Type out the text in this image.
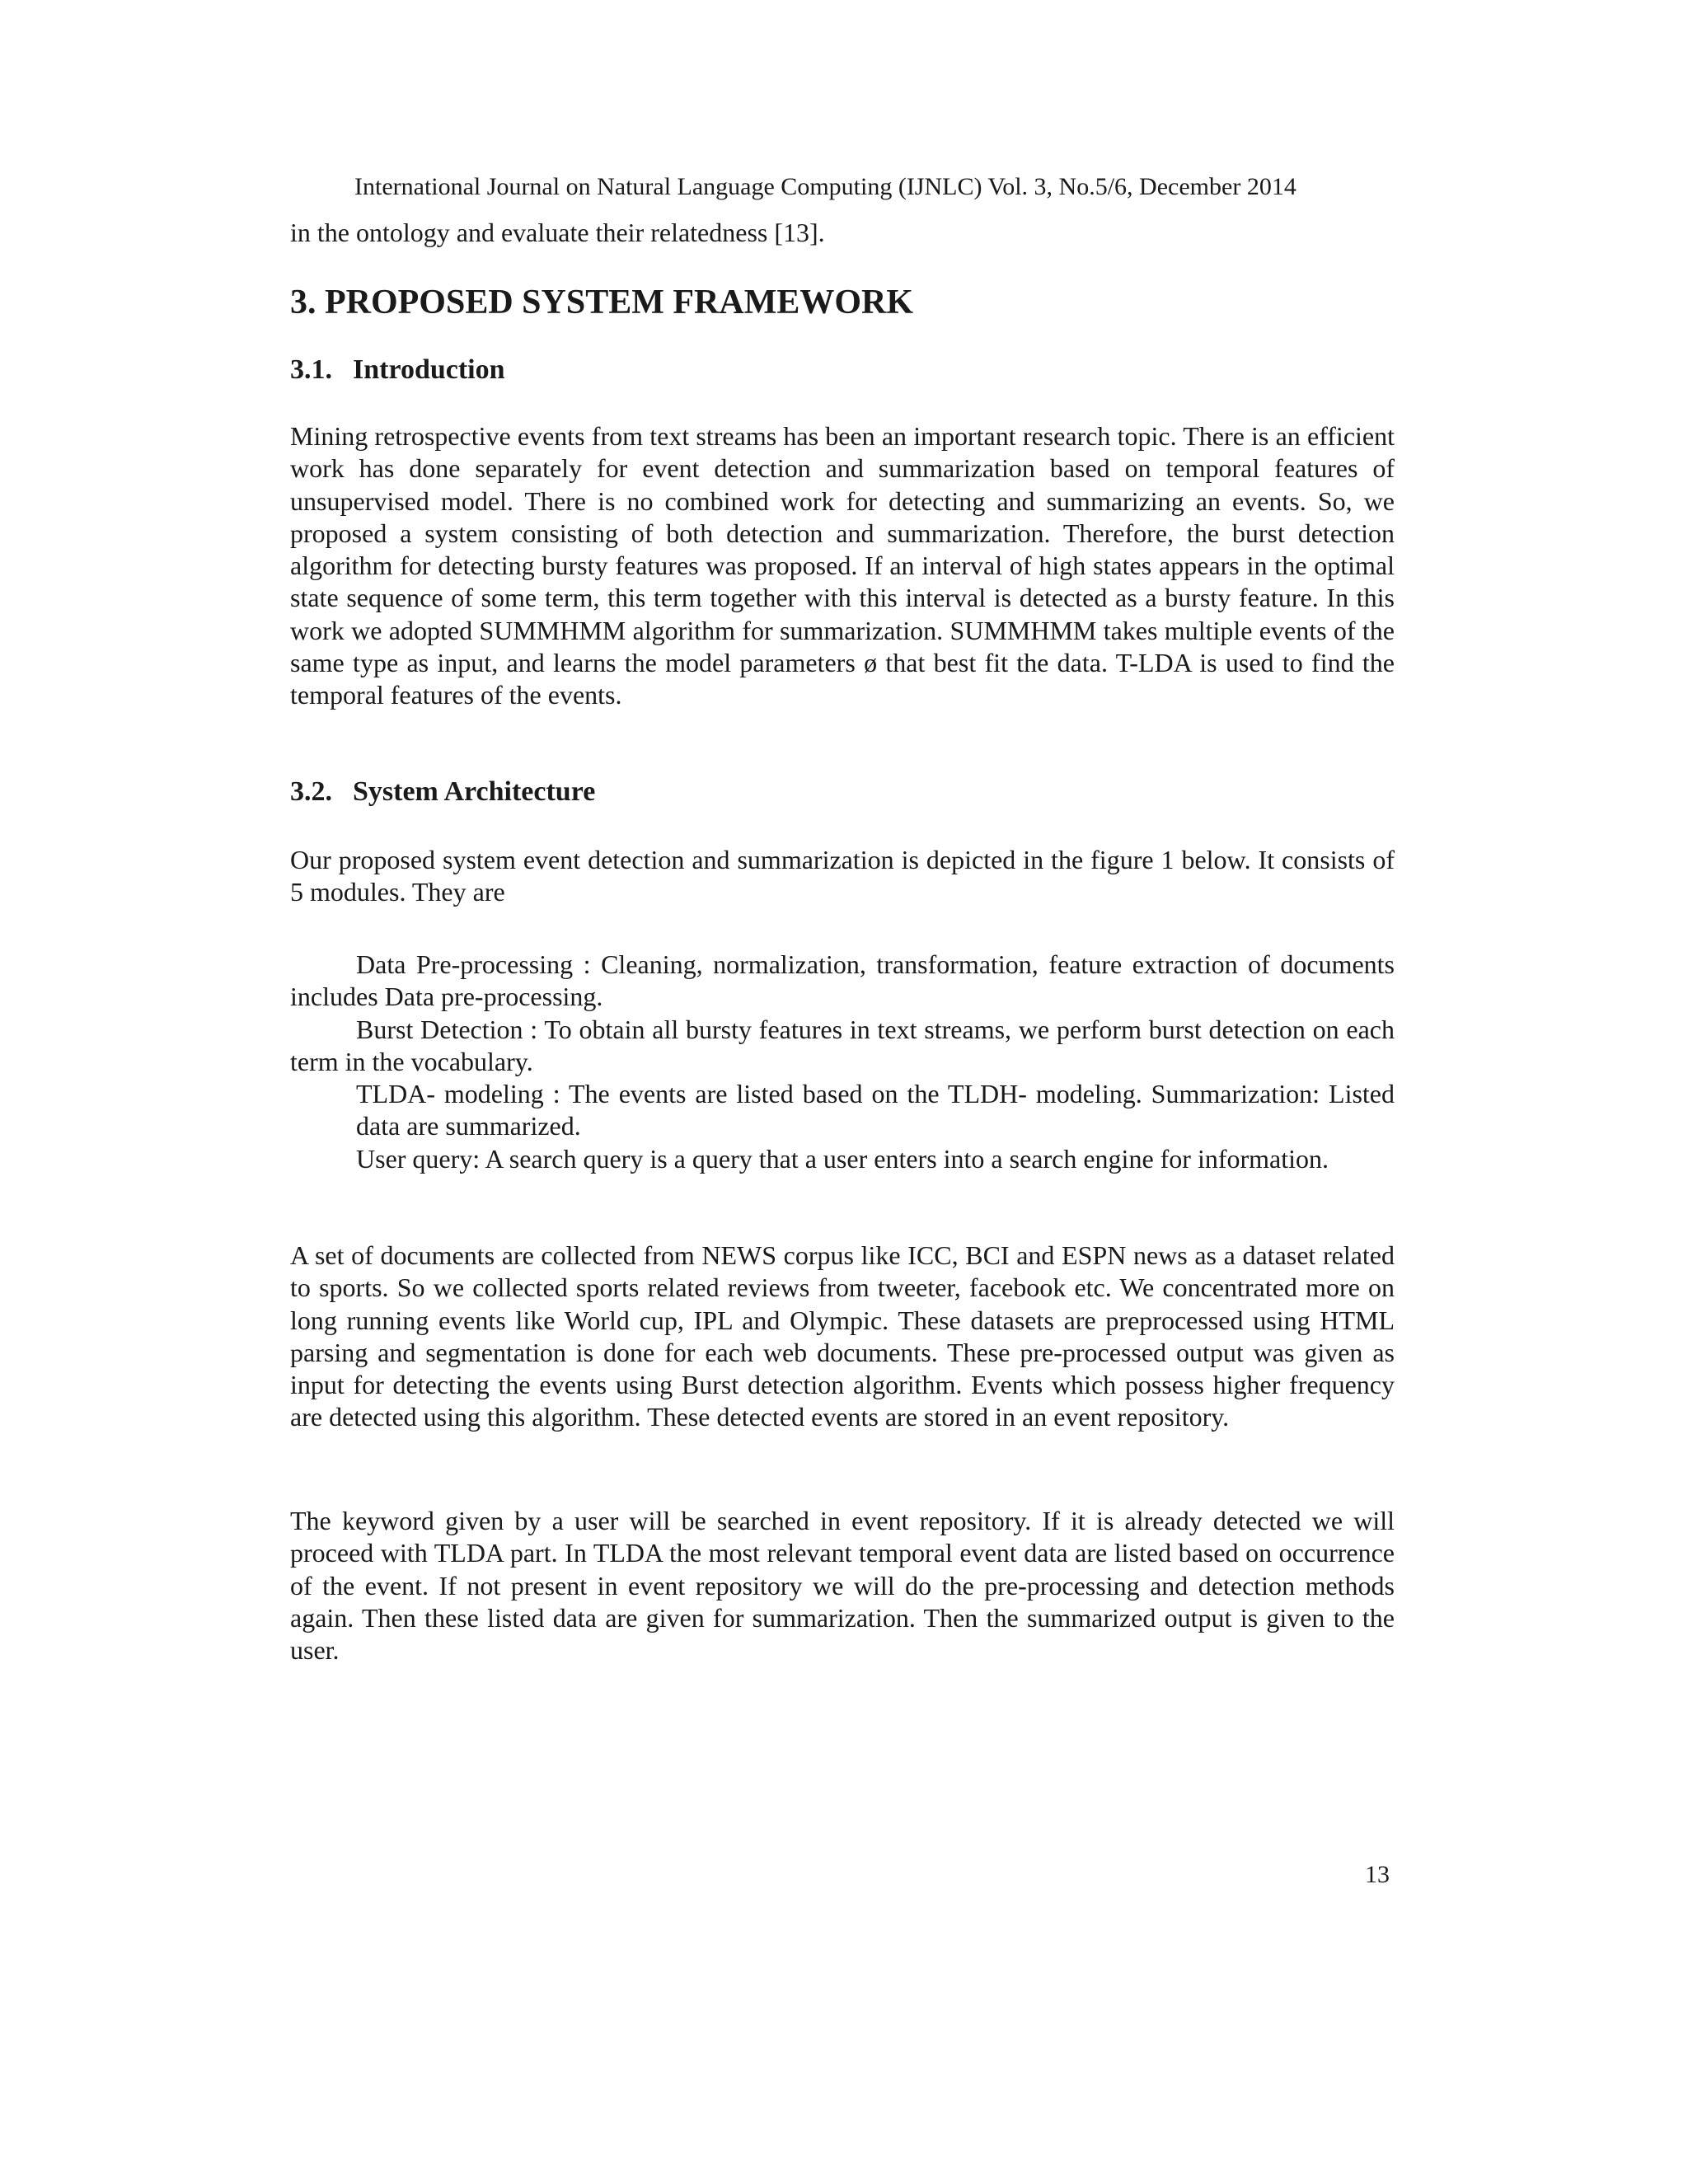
International Journal on Natural Language Computing (IJNLC) Vol. 3, No.5/6, December 2014

in the ontology and evaluate their relatedness [13].

3. PROPOSED SYSTEM FRAMEWORK
3.1. Introduction

Mining retrospective events from text streams has been an important research topic. There is an efficient work has done separately for event detection and summarization based on temporal features of unsupervised model. There is no combined work for detecting and summarizing an events. So, we proposed a system consisting of both detection and summarization. Therefore, the burst detection algorithm for detecting bursty features was proposed. If an interval of high states appears in the optimal state sequence of some term, this term together with this interval is detected as a bursty feature. In this work we adopted SUMMHMM algorithm for summarization. SUMMHMM takes multiple events of the same type as input, and learns the model parameters ø that best fit the data. T-LDA is used to find the temporal features of the events.

3.2. System Architecture

Our proposed system event detection and summarization is depicted in the figure 1 below. It consists of 5 modules. They are

Data Pre-processing : Cleaning, normalization, transformation, feature extraction of documents includes Data pre-processing.

Burst Detection : To obtain all bursty features in text streams, we perform burst detection on each term in the vocabulary.

TLDA- modeling : The events are listed based on the TLDH- modeling. Summarization: Listed data are summarized.

User query: A search query is a query that a user enters into a search engine for information.

A set of documents are collected from NEWS corpus like ICC, BCI and ESPN news as a dataset related to sports. So we collected sports related reviews from tweeter, facebook etc. We concentrated more on long running events like World cup, IPL and Olympic. These datasets are preprocessed using HTML parsing and segmentation is done for each web documents. These pre-processed output was given as input for detecting the events using Burst detection algorithm. Events which possess higher frequency are detected using this algorithm. These detected events are stored in an event repository.

The keyword given by a user will be searched in event repository. If it is already detected we will proceed with TLDA part. In TLDA the most relevant temporal event data are listed based on occurrence of the event. If not present in event repository we will do the pre-processing and detection methods again. Then these listed data are given for summarization. Then the summarized output is given to the user.

13
